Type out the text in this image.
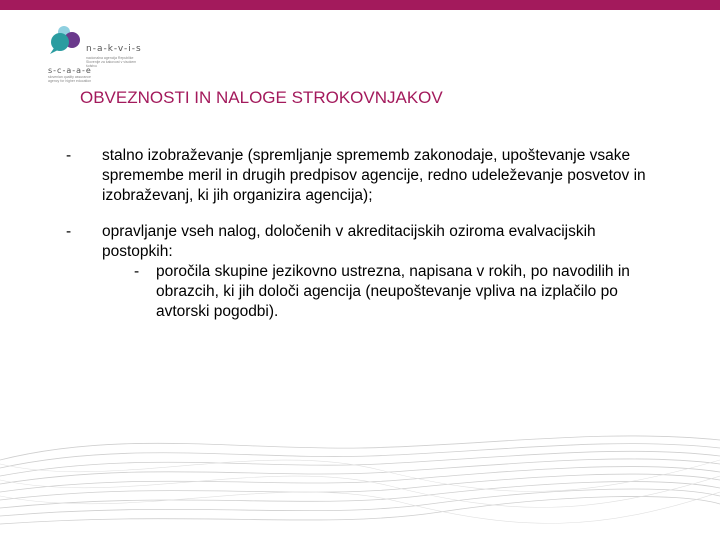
n-a-k-v-i-s
nacionalna agencija Republike Slovenije za kakovost v visokem šolstvu
s-c-a-a-e
slovenian quality assurance agency for higher education
OBVEZNOSTI IN NALOGE STROKOVNJAKOV
- stalno izobraževanje (spremljanje sprememb zakonodaje, upoštevanje vsake spremembe meril in drugih predpisov agencije, redno udeleževanje posvetov in izobraževanj, ki jih organizira agencija);
- opravljanje vseh nalog, določenih v akreditacijskih oziroma evalvacijskih postopkih:
- poročila skupine jezikovno ustrezna, napisana v rokih, po navodilih in obrazcih, ki jih določi agencija (neupoštevanje vpliva na izplačilo po avtorski pogodbi).
